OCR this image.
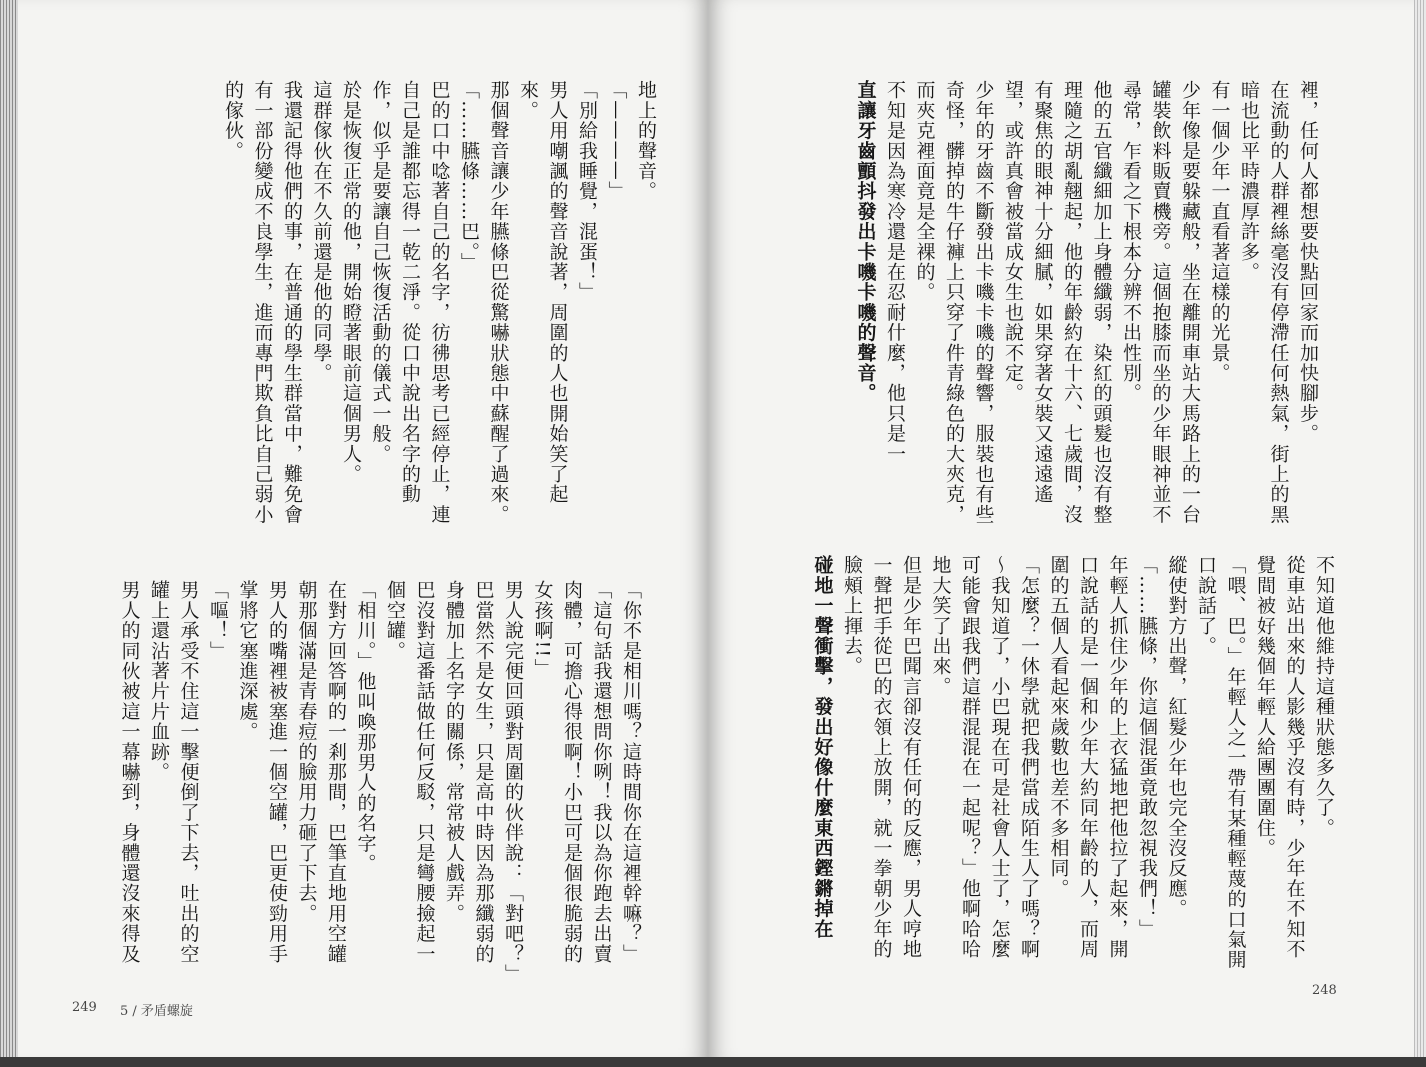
裡，任何人都想要快點回家而加快腳步。

在流動的人群裡絲毫沒有停滯任何熱氣，街上的黑暗也比平時濃厚許多。

有一個少年一直看著這樣的光景。

少年像是要躲藏般，坐在離開車站大馬路上的一台罐裝飲料販賣機旁。這個抱膝而坐的少年眼神並不尋常，乍看之下根本分辨不出性別。

他的五官纖細加上身體纖弱，染紅的頭髮也沒有整理隨之胡亂翹起，他的年齡約在十六、七歲間，沒有聚焦的眼神十分細膩，如果穿著女裝又遠遠遙望，或許真會被當成女生也說不定。

少年的牙齒不斷發出卡嘰卡嘰的聲響，服裝也有些奇怪，髒掉的牛仔褲上只穿了件青綠色的大夾克，而夾克裡面竟是全裸的。

不知是因為寒冷還是在忍耐什麼，他只是一

直讓牙齒顫抖發出卡嘰卡嘰的聲音。

不知道他維持這種狀態多久了。

從車站出來的人影幾乎沒有時，少年在不知不覺間被好幾個年輕人給團團圍住。

「喂、巴。」年輕人之一帶有某種輕蔑的口氣開口說話了。

縱使對方出聲，紅髮少年也完全沒反應。

「……臙條，你這個混蛋竟敢忽視我們！」

年輕人抓住少年的上衣猛地把他拉了起來，開口說話的是一個和少年大約同年齡的人，而周圍的五個人看起來歲數也差不多相同。

「怎麼？一休學就把我們當成陌生人了嗎？啊～我知道了，小巴現在可是社會人士了，怎麼可能會跟我們這群混混在一起呢？」他啊哈哈地大笑了出來。

但是少年巴聞言卻沒有任何的反應，男人哼地一聲把手從巴的衣領上放開，就一拳朝少年的臉頰上揮去。

碰地一聲衝擊，發出好像什麼東西鏗鏘掉在

地上的聲音。

「————」

「別給我睡覺，混蛋！」

男人用嘲諷的聲音說著，周圍的人也開始笑了起來。

那個聲音讓少年臙條巴從驚嚇狀態中蘇醒了過來。

「……臙條……巴。」

巴的口中唸著自己的名字，彷彿思考已經停止，連自己是誰都忘得一乾二淨。從口中說出名字的動作，似乎是要讓自己恢復活動的儀式一般。

於是恢復正常的他，開始瞪著眼前這個男人。

這群傢伙在不久前還是他的同學。

我還記得他們的事，在普通的學生群當中，難免會有一部份變成不良學生，進而專門欺負比自己弱小的傢伙。

「你不是相川嗎？這時間你在這裡幹嘛？」

「這句話我還想問你咧！我以為你跑去出賣肉體，可擔心得很啊！小巴可是個很脆弱的女孩啊!!」

男人說完便回頭對周圍的伙伴說：「對吧？」

巴當然不是女生，只是高中時因為那纖弱的身體加上名字的關係，常常被人戲弄。

巴沒對這番話做任何反駁，只是彎腰撿起一個空罐。

「相川。」他叫喚那男人的名字。

在對方回答啊的一剎那間，巴筆直地用空罐朝那個滿是青春痘的臉用力砸了下去。

男人的嘴裡被塞進一個空罐，巴更使勁用手掌將它塞進深處。

「嘔！」

男人承受不住這一擊便倒了下去，吐出的空罐上還沾著片片血跡。

男人的同伙被這一幕嚇到，身體還沒來得及

248
249 5 / 矛盾螺旋
